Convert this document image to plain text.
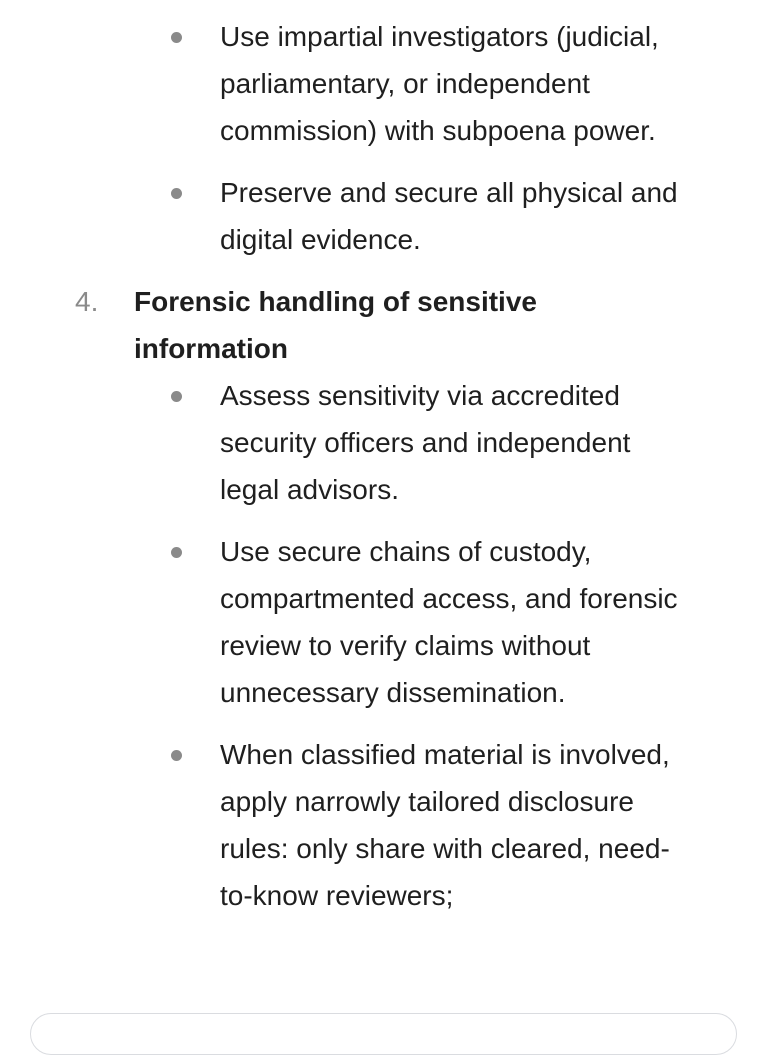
Use impartial investigators (judicial, parliamentary, or independent commission) with subpoena power.
Preserve and secure all physical and digital evidence.
4. Forensic handling of sensitive information
Assess sensitivity via accredited security officers and independent legal advisors.
Use secure chains of custody, compartmented access, and forensic review to verify claims without unnecessary dissemination.
When classified material is involved, apply narrowly tailored disclosure rules: only share with cleared, need-to-know reviewers;
